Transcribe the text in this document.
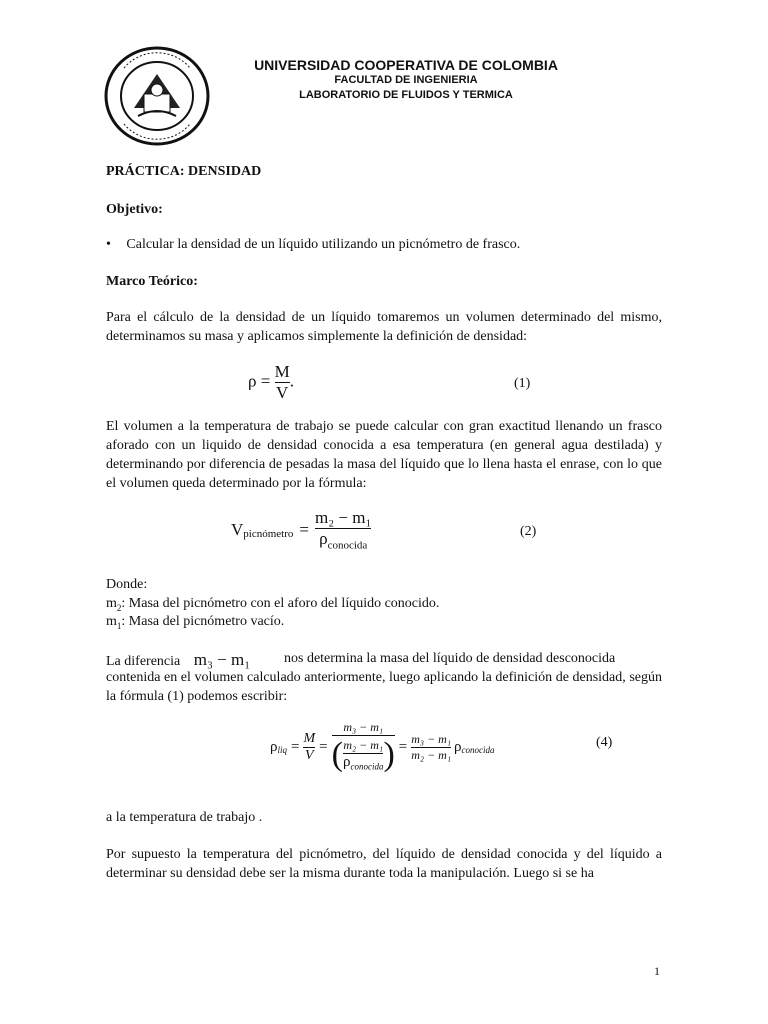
UNIVERSIDAD COOPERATIVA DE COLOMBIA
FACULTAD DE INGENIERIA
LABORATORIO DE FLUIDOS Y TERMICA
PRÁCTICA: DENSIDAD
Objetivo:
• Calcular la densidad de un líquido utilizando un picnómetro de frasco.
Marco Teórico:
Para el cálculo de la densidad de un líquido tomaremos un volumen determinado del mismo, determinamos su masa y aplicamos simplemente la definición de densidad:
$\rho = \frac{M}{V}$ .	(1)
El volumen a la temperatura de trabajo se puede calcular con gran exactitud llenando un frasco aforado con un liquido de densidad conocida a esa temperatura (en general agua destilada) y determinando por diferencia de pesadas la masa del líquido que lo llena hasta el enrase, con lo que el volumen queda determinado por la fórmula:
$V_{picnómetro} = \frac{\text{m₂ − m₁}}{\rho_{conocida}}$	(2)
Donde:
$m_2$: Masa del picnómetro con el aforo del líquido conocido.
$m_1$: Masa del picnómetro vacío.
La diferencia m₃ − m₁ nos determina la masa del líquido de densidad desconocida
contenida en el volumen calculado anteriormente, luego aplicando la definición de densidad, según la fórmula (1) podemos escribir:
$\rho_{liq} = \frac{M}{V} = \frac{\text{m₃ − m₁}}{( \frac{\text{m₂ − m₁}}{\rho_{conocida}} )} = \frac{\text{m₃ − m₁}}{\text{m₂ − m₁}} \rho_{conocida}$	(4)
a la temperatura de trabajo .
Por supuesto la temperatura del picnómetro, del líquido de densidad conocida y del líquido a determinar su densidad debe ser la misma durante toda la manipulación. Luego si se ha
1
